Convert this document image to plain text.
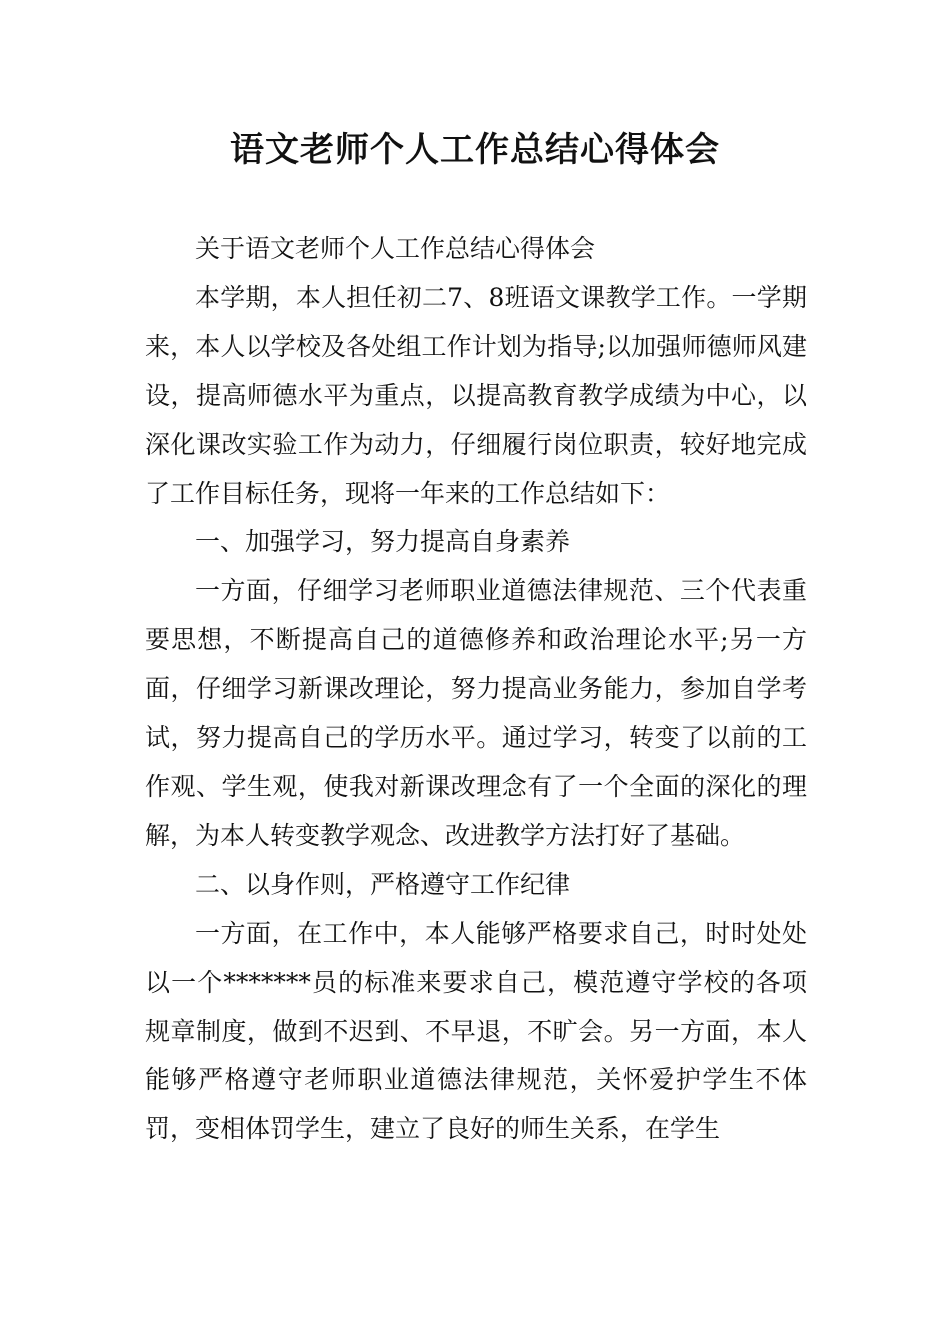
语文老师个人工作总结心得体会

关于语文老师个人工作总结心得体会

本学期，本人担任初二7、8班语文课教学工作。一学期来，本人以学校及各处组工作计划为指导;以加强师德师风建设，提高师德水平为重点，以提高教育教学成绩为中心，以深化课改实验工作为动力，仔细履行岗位职责，较好地完成了工作目标任务，现将一年来的工作总结如下：

一、加强学习，努力提高自身素养

一方面，仔细学习老师职业道德法律规范、三个代表重要思想，不断提高自己的道德修养和政治理论水平;另一方面，仔细学习新课改理论，努力提高业务能力，参加自学考试，努力提高自己的学历水平。通过学习，转变了以前的工作观、学生观，使我对新课改理念有了一个全面的深化的理解，为本人转变教学观念、改进教学方法打好了基础。

二、以身作则，严格遵守工作纪律

一方面，在工作中，本人能够严格要求自己，时时处处以一个*******员的标准来要求自己，模范遵守学校的各项规章制度，做到不迟到、不早退，不旷会。另一方面，本人能够严格遵守老师职业道德法律规范，关怀爱护学生不体罚，变相体罚学生，建立了良好的师生关系，在学生
